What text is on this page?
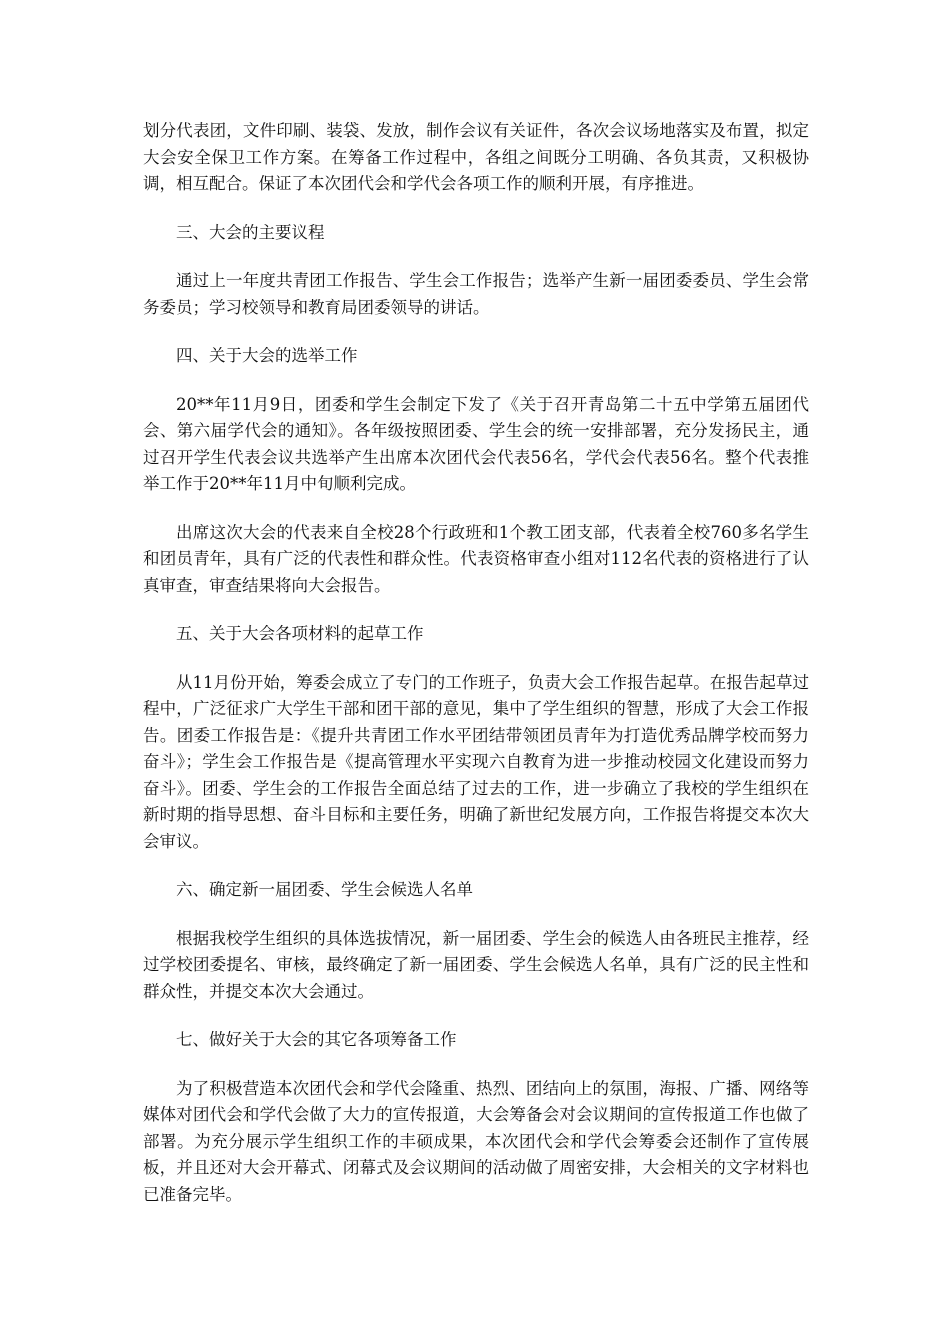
划分代表团，文件印刷、装袋、发放，制作会议有关证件，各次会议场地落实及布置，拟定大会安全保卫工作方案。在筹备工作过程中，各组之间既分工明确、各负其责，又积极协调，相互配合。保证了本次团代会和学代会各项工作的顺利开展，有序推进。

三、大会的主要议程

通过上一年度共青团工作报告、学生会工作报告；选举产生新一届团委委员、学生会常务委员；学习校领导和教育局团委领导的讲话。

四、关于大会的选举工作

20**年11月9日，团委和学生会制定下发了《关于召开青岛第二十五中学第五届团代会、第六届学代会的通知》。各年级按照团委、学生会的统一安排部署，充分发扬民主，通过召开学生代表会议共选举产生出席本次团代会代表56名，学代会代表56名。整个代表推举工作于20**年11月中旬顺利完成。

出席这次大会的代表来自全校28个行政班和1个教工团支部，代表着全校760多名学生和团员青年，具有广泛的代表性和群众性。代表资格审查小组对112名代表的资格进行了认真审查，审查结果将向大会报告。

五、关于大会各项材料的起草工作

从11月份开始，筹委会成立了专门的工作班子，负责大会工作报告起草。在报告起草过程中，广泛征求广大学生干部和团干部的意见，集中了学生组织的智慧，形成了大会工作报告。团委工作报告是：《提升共青团工作水平团结带领团员青年为打造优秀品牌学校而努力奋斗》；学生会工作报告是《提高管理水平实现六自教育为进一步推动校园文化建设而努力奋斗》。团委、学生会的工作报告全面总结了过去的工作，进一步确立了我校的学生组织在新时期的指导思想、奋斗目标和主要任务，明确了新世纪发展方向，工作报告将提交本次大会审议。

六、确定新一届团委、学生会候选人名单

根据我校学生组织的具体选拔情况，新一届团委、学生会的候选人由各班民主推荐，经过学校团委提名、审核，最终确定了新一届团委、学生会候选人名单，具有广泛的民主性和群众性，并提交本次大会通过。

七、做好关于大会的其它各项筹备工作

为了积极营造本次团代会和学代会隆重、热烈、团结向上的氛围，海报、广播、网络等媒体对团代会和学代会做了大力的宣传报道，大会筹备会对会议期间的宣传报道工作也做了部署。为充分展示学生组织工作的丰硕成果，本次团代会和学代会筹委会还制作了宣传展板，并且还对大会开幕式、闭幕式及会议期间的活动做了周密安排，大会相关的文字材料也已准备完毕。
